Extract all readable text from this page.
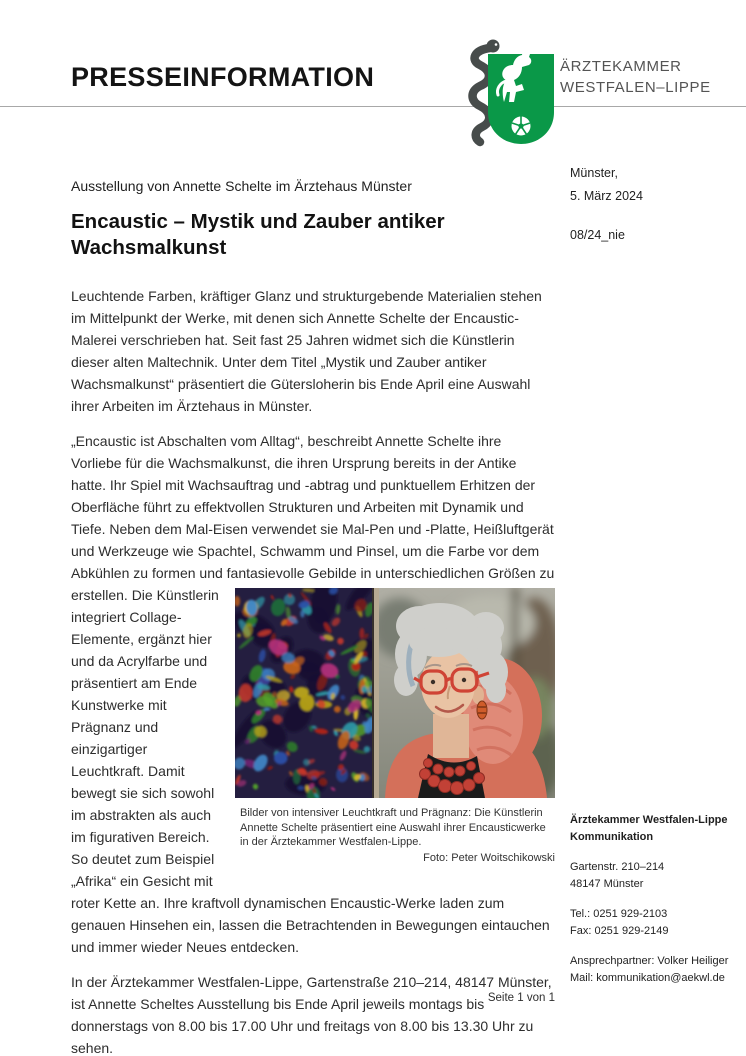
PRESSEINFORMATION	ÄRZTEKAMMER
WESTFALEN–LIPPE
Münster,
5. März 2024
08/24_nie
Ausstellung von Annette Schelte im Ärztehaus Münster
Encaustic – Mystik und Zauber antiker Wachsmalkunst

Leuchtende Farben, kräftiger Glanz und strukturgebende Materialien stehen im Mittelpunkt der Werke, mit denen sich Annette Schelte der Encaustic-Malerei verschrieben hat. Seit fast 25 Jahren widmet sich die Künstlerin dieser alten Maltechnik. Unter dem Titel „Mystik und Zauber antiker Wachsmalkunst“ präsentiert die Gütersloherin bis Ende April eine Auswahl ihrer Arbeiten im Ärztehaus in Münster.

„Encaustic ist Abschalten vom Alltag“, beschreibt Annette Schelte ihre Vorliebe für die Wachsmalkunst, die ihren Ursprung bereits in der Antike hatte. Ihr Spiel mit Wachsauftrag und -abtrag und punktuellem Erhitzen der Oberfläche führt zu effektvollen Strukturen und Arbeiten mit Dynamik und Tiefe. Neben dem Mal-Eisen verwendet sie Mal-Pen und -Platte, Heißluftgerät und Werkzeuge wie Spachtel, Schwamm und Pinsel, um die Farbe vor dem Abkühlen zu formen und fantasievolle
Bilder von intensiver Leuchtkraft und Prägnanz: Die Künstlerin Annette Schelte präsentiert eine Auswahl ihrer Encausticwerke in der Ärztekammer Westfalen-Lippe.
Foto: Peter Woitschikowski
Gebilde in unterschiedlichen Größen zu erstellen. Die Künstlerin integriert Collage-Elemente, ergänzt hier und da Acrylfarbe und präsentiert am Ende Kunstwerke mit Prägnanz und einzigartiger Leuchtkraft. Damit bewegt sie sich sowohl im abstrakten als auch im figurativen Bereich. So deutet zum Beispiel „Afrika“ ein Gesicht mit roter Kette an. Ihre kraftvoll dynamischen Encaustic-Werke laden zum genauen Hinsehen ein, lassen die Betrachtenden in Bewegungen eintauchen und immer wieder Neues entdecken.

In der Ärztekammer Westfalen-Lippe, Gartenstraße 210–214, 48147 Münster, ist Annette Scheltes Ausstellung bis Ende April jeweils montags bis donnerstags von 8.00 bis 17.00 Uhr und freitags von 8.00 bis 13.30 Uhr zu sehen.

Ärztekammer Westfalen-Lippe
Kommunikation
Gartenstr. 210–214
48147 Münster
Tel.: 0251 929-2103
Fax: 0251 929-2149
Ansprechpartner: Volker Heiliger
Mail: kommunikation@aekwl.de
Seite 1 von 1
